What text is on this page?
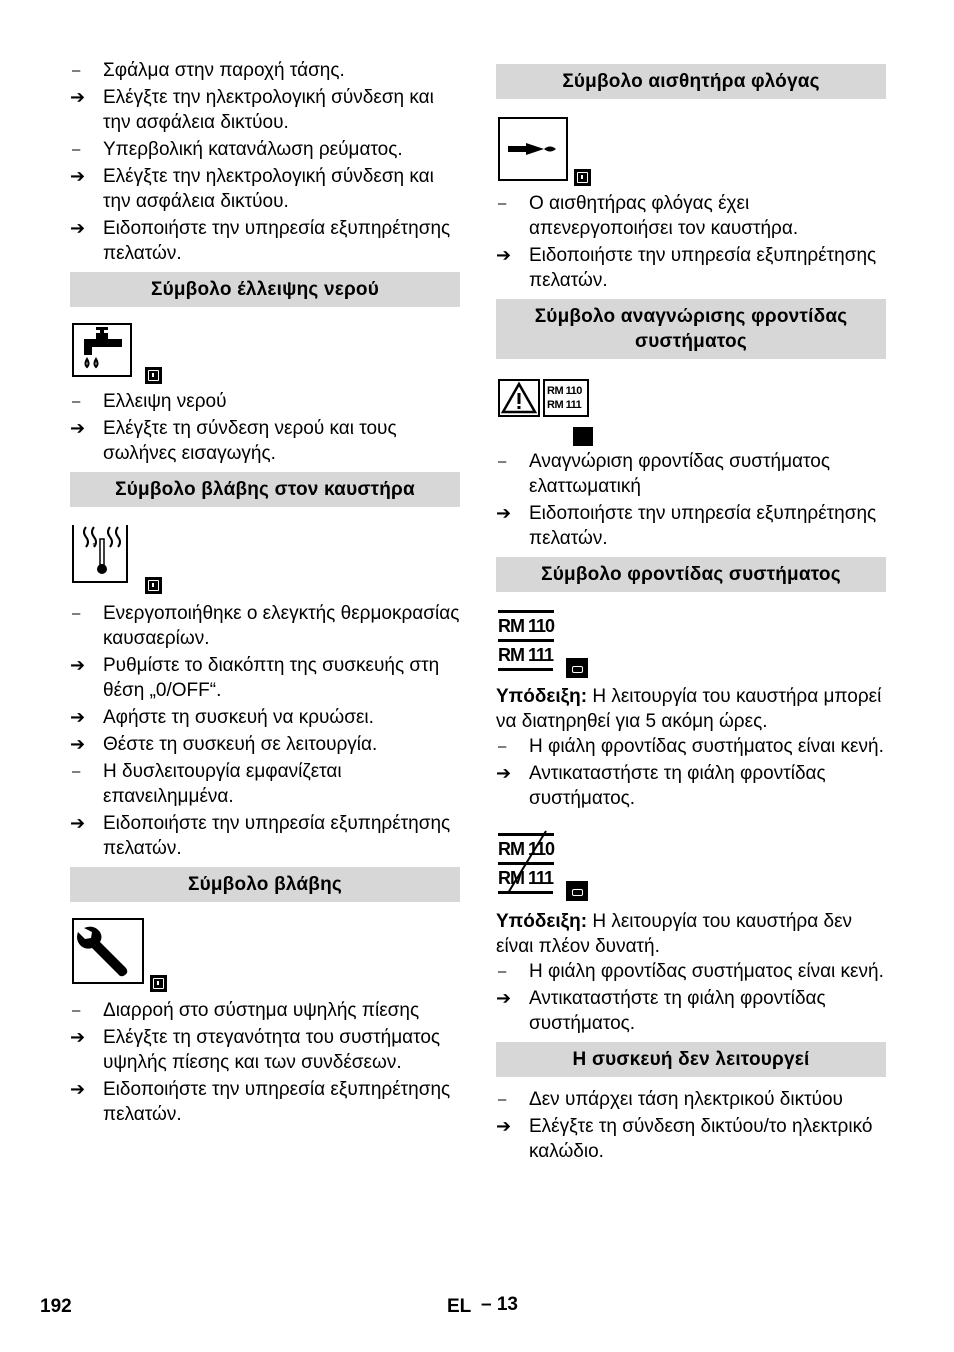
–	Σφάλμα στην παροχή τάσης.
➔ Ελέγξτε την ηλεκτρολογική σύνδεση και την ασφάλεια δικτύου.
–	Υπερβολική κατανάλωση ρεύματος.
➔ Ελέγξτε την ηλεκτρολογική σύνδεση και την ασφάλεια δικτύου.
➔ Ειδοποιήστε την υπηρεσία εξυπηρέτησης πελατών.
Σύμβολο έλλειψης νερού
–	Ελλειψη νερού
➔ Ελέγξτε τη σύνδεση νερού και τους σωλήνες εισαγωγής.
Σύμβολο βλάβης στον καυστήρα
°
–	Ενεργοποιήθηκε ο ελεγκτής θερμοκρασίας καυσαερίων.
➔ Ρυθμίστε το διακόπτη της συσκευής στη θέση „0/OFF“.
➔ Αφήστε τη συσκευή να κρυώσει.
➔ Θέστε τη συσκευή σε λειτουργία.
–	Η δυσλειτουργία εμφανίζεται επανειλημμένα.
➔ Ειδοποιήστε την υπηρεσία εξυπηρέτησης πελατών.
Σύμβολο βλάβης
–	Διαρροή στο σύστημα υψηλής πίεσης
➔ Ελέγξτε τη στεγανότητα του συστήματος υψηλής πίεσης και των συνδέσεων.
➔ Ειδοποιήστε την υπηρεσία εξυπηρέτησης πελατών.
Σύμβολο αισθητήρα φλόγας
–	Ο αισθητήρας φλόγας έχει απενεργοποιήσει τον καυστήρα.
➔ Ειδοποιήστε την υπηρεσία εξυπηρέτησης πελατών.
Σύμβολο αναγνώρισης φροντίδας συστήματος
RM 110
RM 111
–	Αναγνώριση φροντίδας συστήματος ελαττωματική
➔ Ειδοποιήστε την υπηρεσία εξυπηρέτησης πελατών.
Σύμβολο φροντίδας συστήματος
RM 110
RM 111
Υπόδειξη: Η λειτουργία του καυστήρα μπορεί να διατηρηθεί για 5 ακόμη ώρες.
–	Η φιάλη φροντίδας συστήματος είναι κενή.
➔ Αντικαταστήστε τη φιάλη φροντίδας συστήματος.
RM 110
RM 111
Υπόδειξη: Η λειτουργία του καυστήρα δεν είναι πλέον δυνατή.
–	Η φιάλη φροντίδας συστήματος είναι κενή.
➔ Αντικαταστήστε τη φιάλη φροντίδας συστήματος.
Η συσκευή δεν λειτουργεί
–	Δεν υπάρχει τάση ηλεκτρικού δικτύου
➔ Ελέγξτε τη σύνδεση δικτύου/το ηλεκτρικό καλώδιο.
192	EL – 13
